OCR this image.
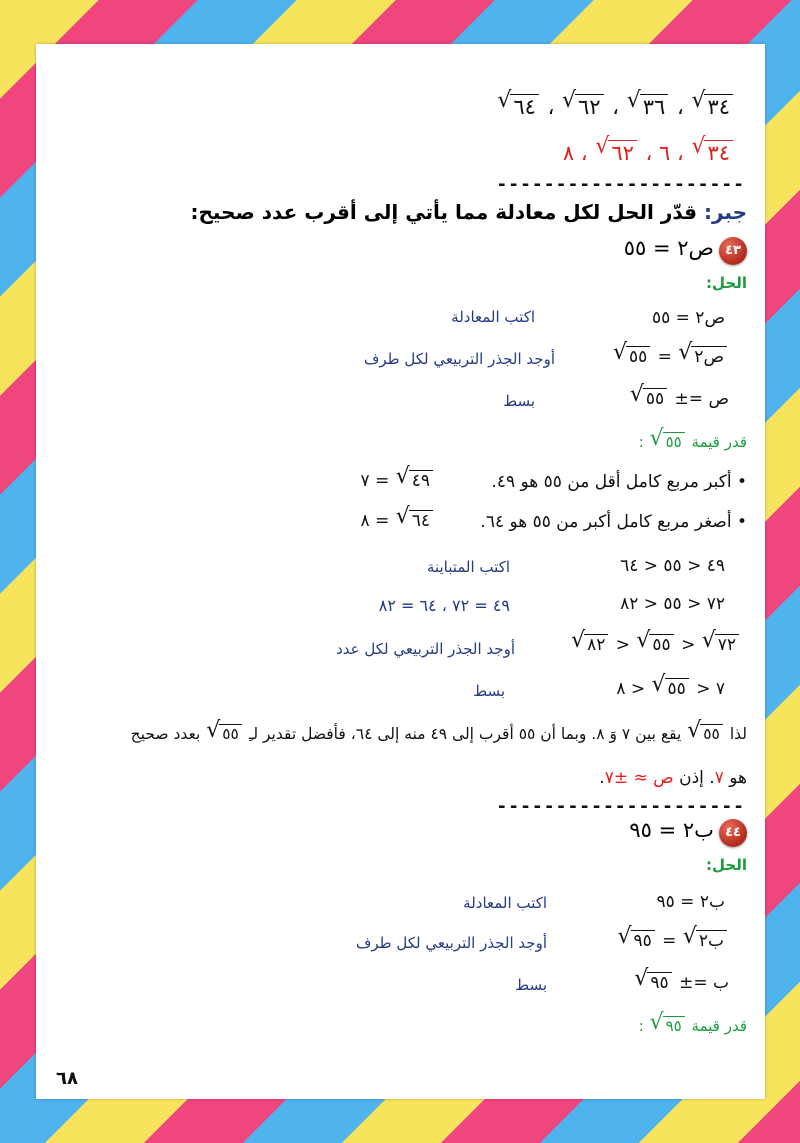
√ ٣٤ ، √ ٣٦ ، √ ٦٢ ، √ ٦٤
√ ٣٤ ، ٦ ، √ ٦٢ ، ٨
---------------------
جبر: قدّر الحل لكل معادلة مما يأتي إلى أقرب عدد صحيح:
٤٣ ص٢ = ٥٥
الحل:
ص٢ = ٥٥
اكتب المعادلة
√ ص٢ = √ ٥٥
أوجد الجذر التربيعي لكل طرف
ص =± √ ٥٥
بسط
قدر قيمة √ ٥٥ :
• أكبر مربع كامل أقل من ٥٥ هو ٤٩.
√ ٤٩ = ٧
• أصغر مربع كامل أكبر من ٥٥ هو ٦٤.
√ ٦٤ = ٨
٤٩ < ٥٥ < ٦٤
اكتب المتباينة
٧٢ < ٥٥ < ٨٢
٤٩ = ٧٢ ، ٦٤ = ٨٢
√ ٧٢ < √ ٥٥ < √ ٨٢
أوجد الجذر التربيعي لكل عدد
٧ < √ ٥٥ < ٨
بسط
لذا √ ٥٥ يقع بين ٧ وَ ٨. وبما أن ٥٥ أقرب إلى ٤٩ منه إلى ٦٤، فأفضل تقدير لـِ √ ٥٥ بعدد صحيح
هو ٧. إذن ص ≈ ±٧.
---------------------
٤٤ ب٢ = ٩٥
الحل:
ب٢ = ٩٥
اكتب المعادلة
√ ب٢ = √ ٩٥
أوجد الجذر التربيعي لكل طرف
ب =± √ ٩٥
بسط
قدر قيمة √ ٩٥ :
٦٨
